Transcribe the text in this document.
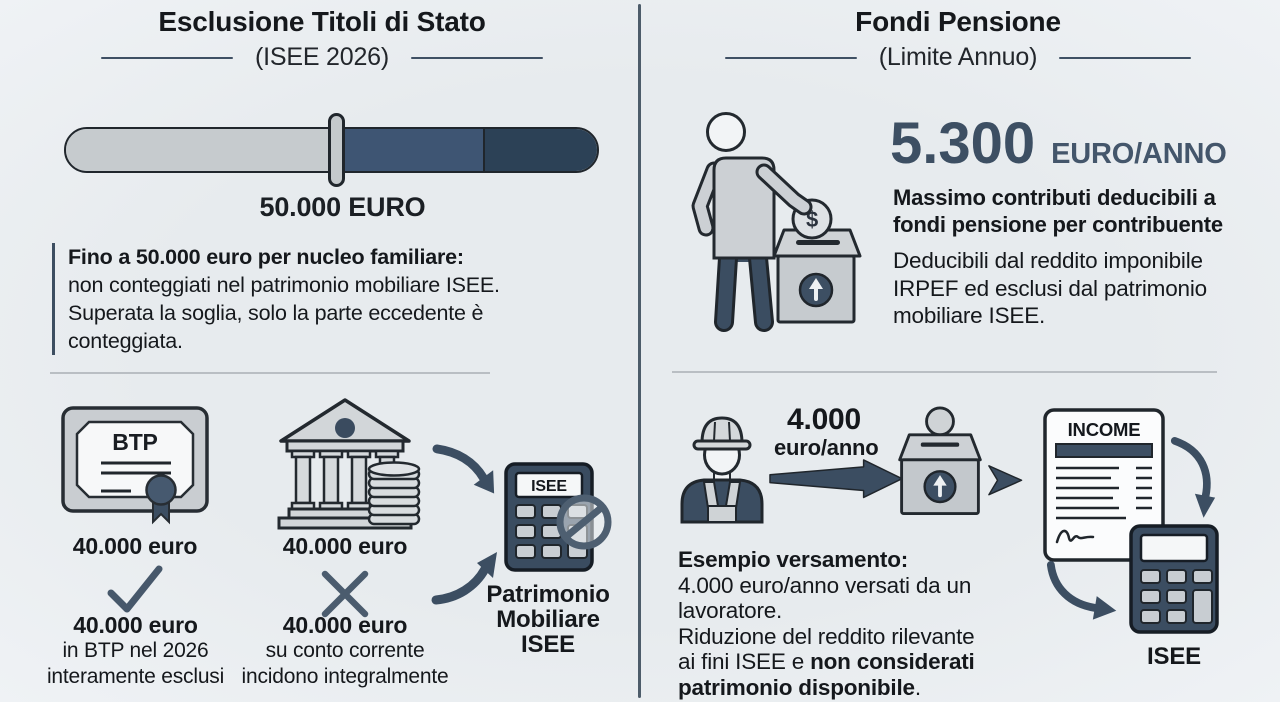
Esclusione Titoli di Stato
(ISEE 2026)
50.000 EURO
Fino a 50.000 euro per nucleo familiare:
non conteggiati nel patrimonio mobiliare ISEE.
Superata la soglia, solo la parte eccedente è
conteggiata.
BTP
40.000 euro
40.000 euro
in BTP nel 2026
interamente esclusi
40.000 euro
40.000 euro
su conto corrente
incidono integralmente
ISEE
Patrimonio
Mobiliare
ISEE
Fondi Pensione
(Limite Annuo)
$
5.300 EURO/ANNO
Massimo contributi deducibili a
fondi pensione per contribuente
Deducibili dal reddito imponibile
IRPEF ed esclusi dal patrimonio
mobiliare ISEE.
4.000
euro/anno
INCOME
ISEE
Esempio versamento:
4.000 euro/anno versati da un
lavoratore.
Riduzione del reddito rilevante
ai fini ISEE e non considerati
patrimonio disponibile.
